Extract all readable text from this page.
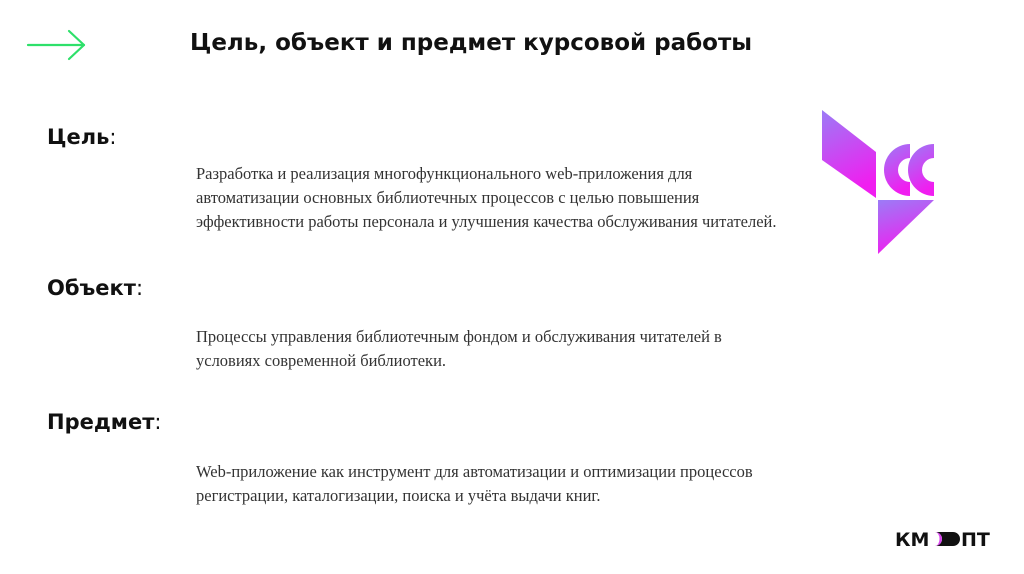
Цель, объект и предмет курсовой работы
Цель:
Разработка и реализация многофункционального web-приложения для автоматизации основных библиотечных процессов с целью повышения эффективности работы персонала и улучшения качества обслуживания читателей.
Объект:
Процессы управления библиотечным фондом и обслуживания читателей в условиях современной библиотеки.
Предмет:
Web-приложение как инструмент для автоматизации и оптимизации процессов регистрации, каталогизации, поиска и учёта выдачи книг.
КМ ПТ
